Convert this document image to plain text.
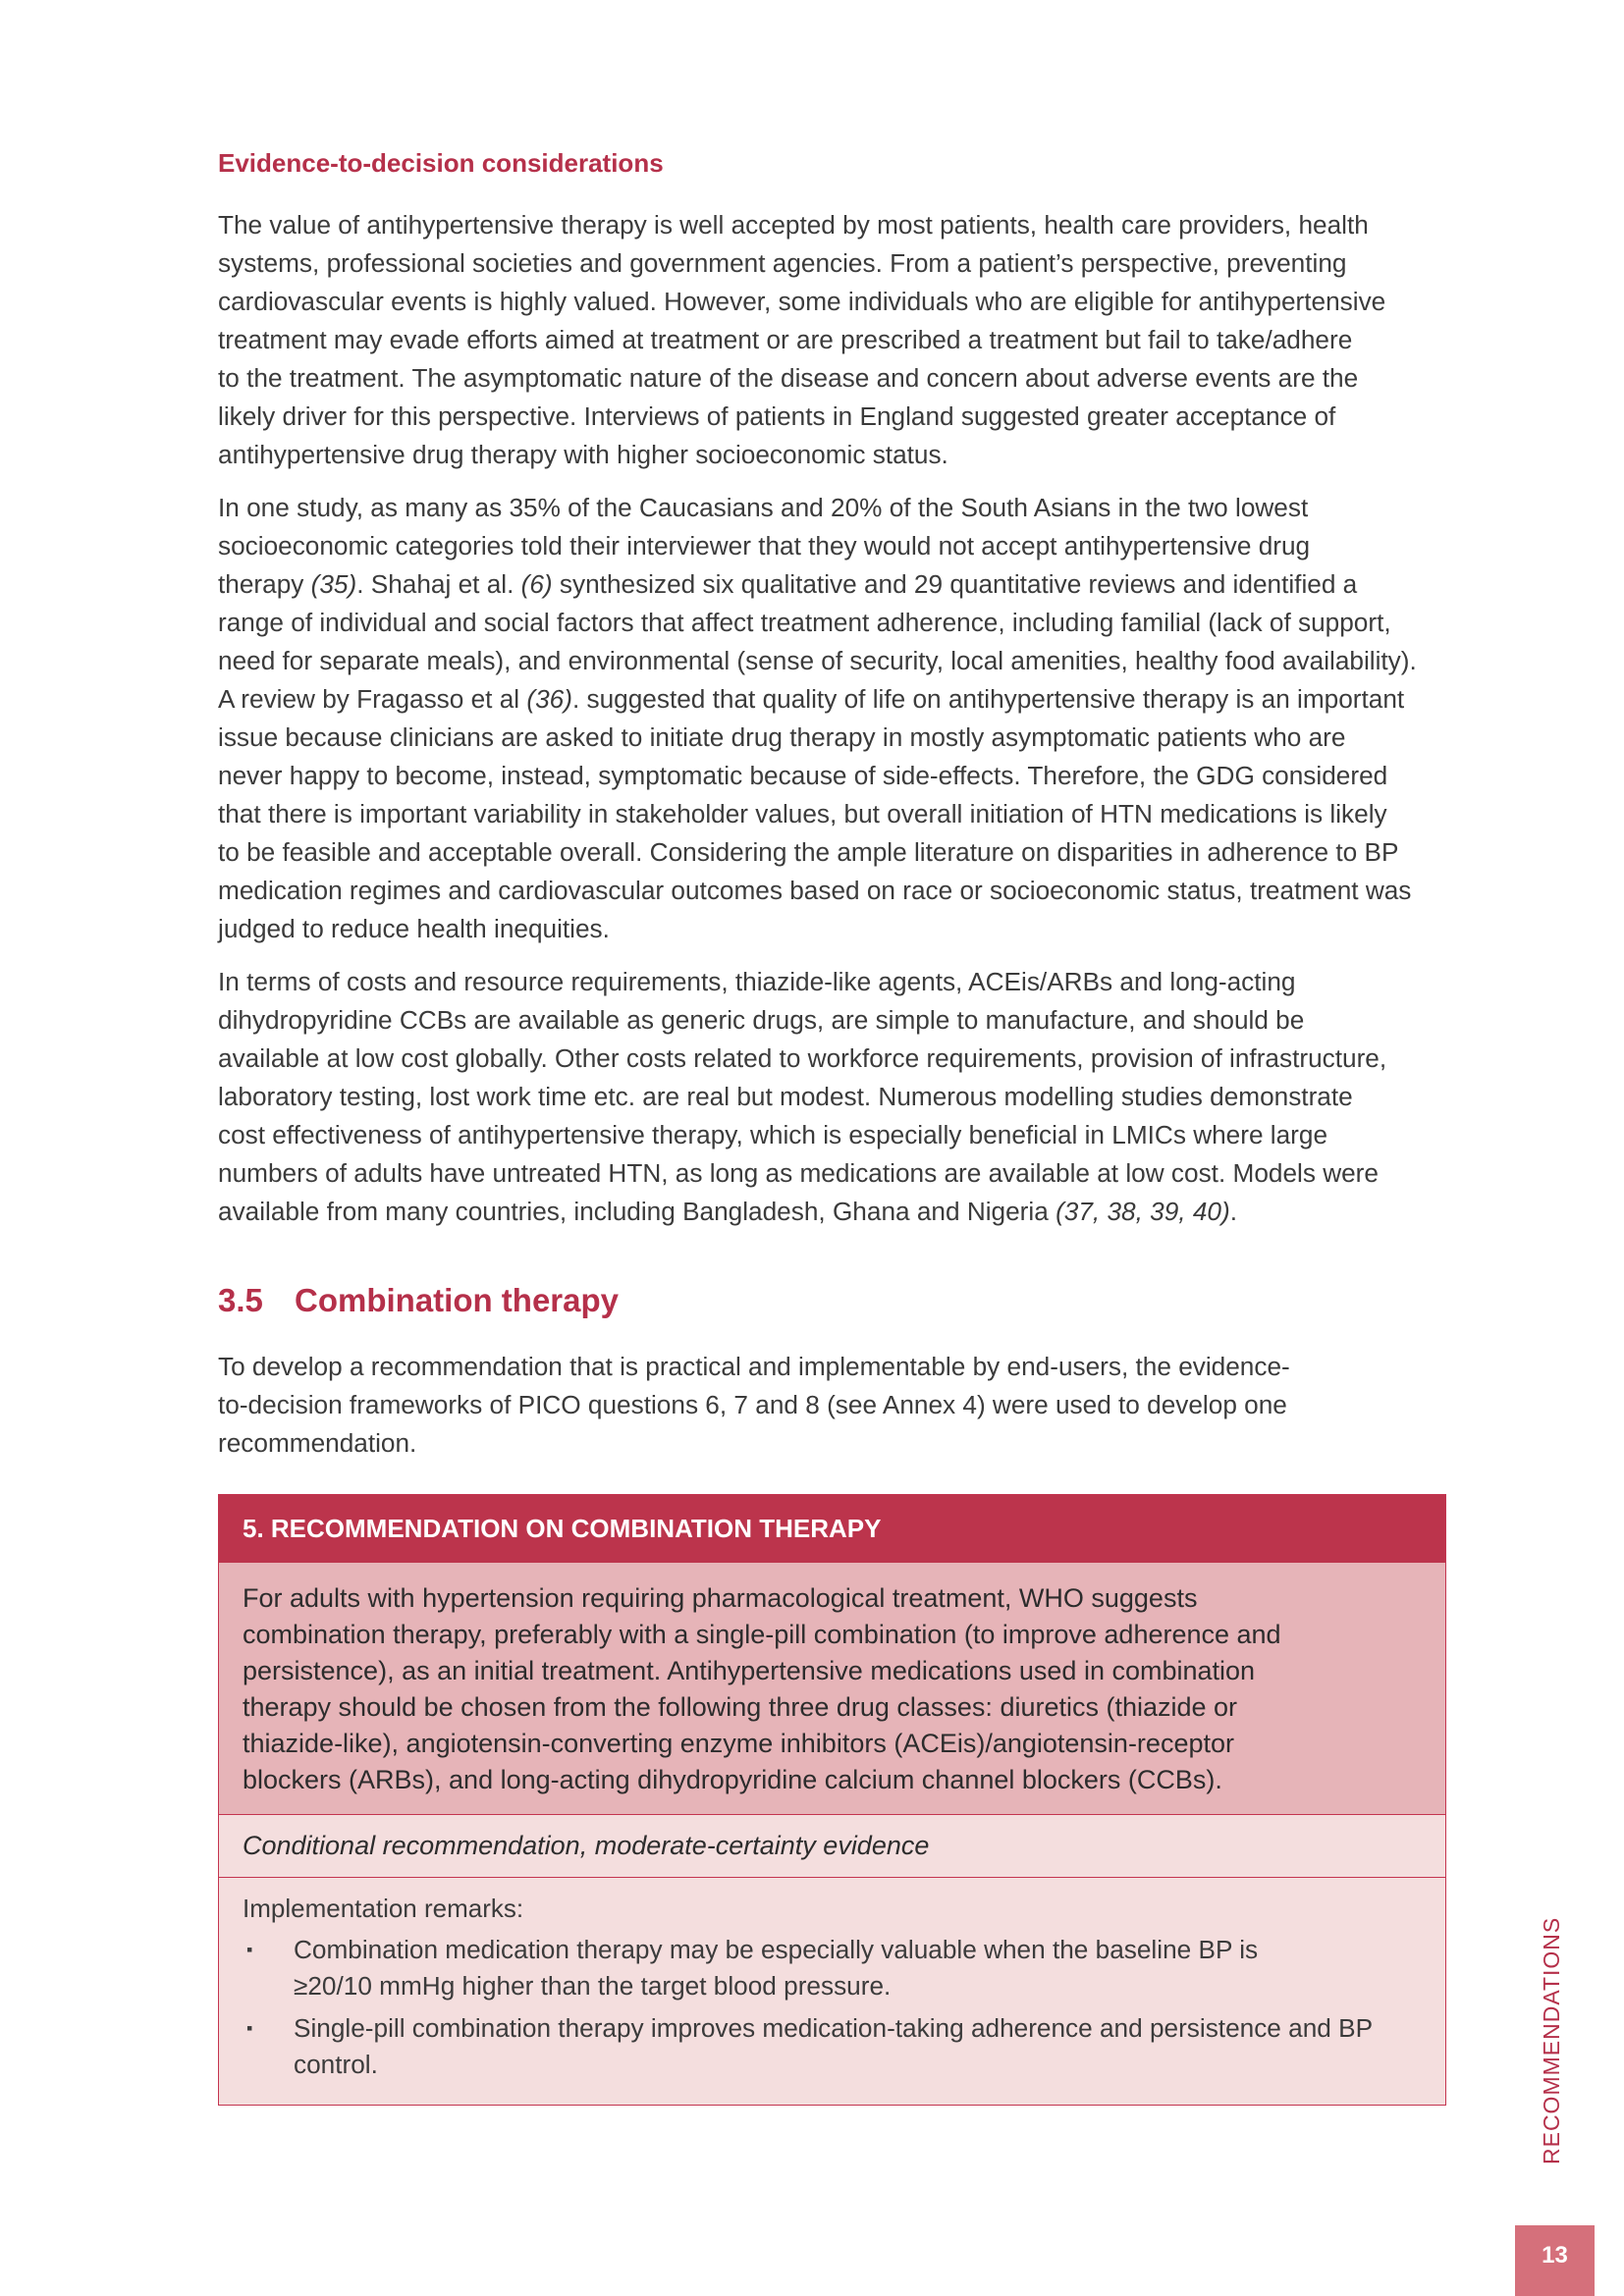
Evidence-to-decision considerations

The value of antihypertensive therapy is well accepted by most patients, health care providers, health
systems, professional societies and government agencies. From a patient’s perspective, preventing
cardiovascular events is highly valued. However, some individuals who are eligible for antihypertensive
treatment may evade efforts aimed at treatment or are prescribed a treatment but fail to take/adhere
to the treatment. The asymptomatic nature of the disease and concern about adverse events are the
likely driver for this perspective. Interviews of patients in England suggested greater acceptance of
antihypertensive drug therapy with higher socioeconomic status.

In one study, as many as 35% of the Caucasians and 20% of the South Asians in the two lowest
socioeconomic categories told their interviewer that they would not accept antihypertensive drug
therapy (35). Shahaj et al. (6) synthesized six qualitative and 29 quantitative reviews and identified a
range of individual and social factors that affect treatment adherence, including familial (lack of support,
need for separate meals), and environmental (sense of security, local amenities, healthy food availability).
A review by Fragasso et al (36). suggested that quality of life on antihypertensive therapy is an important
issue because clinicians are asked to initiate drug therapy in mostly asymptomatic patients who are
never happy to become, instead, symptomatic because of side-effects. Therefore, the GDG considered
that there is important variability in stakeholder values, but overall initiation of HTN medications is likely
to be feasible and acceptable overall. Considering the ample literature on disparities in adherence to BP
medication regimes and cardiovascular outcomes based on race or socioeconomic status, treatment was
judged to reduce health inequities.

In terms of costs and resource requirements, thiazide-like agents, ACEis/ARBs and long-acting
dihydropyridine CCBs are available as generic drugs, are simple to manufacture, and should be
available at low cost globally. Other costs related to workforce requirements, provision of infrastructure,
laboratory testing, lost work time etc. are real but modest. Numerous modelling studies demonstrate
cost effectiveness of antihypertensive therapy, which is especially beneficial in LMICs where large
numbers of adults have untreated HTN, as long as medications are available at low cost. Models were
available from many countries, including Bangladesh, Ghana and Nigeria (37, 38, 39, 40).

3.5 Combination therapy

To develop a recommendation that is practical and implementable by end-users, the evidence-
to-decision frameworks of PICO questions 6, 7 and 8 (see Annex 4) were used to develop one
recommendation.

5. RECOMMENDATION ON COMBINATION THERAPY
For adults with hypertension requiring pharmacological treatment, WHO suggests
combination therapy, preferably with a single-pill combination (to improve adherence and
persistence), as an initial treatment. Antihypertensive medications used in combination
therapy should be chosen from the following three drug classes: diuretics (thiazide or
thiazide-like), angiotensin-converting enzyme inhibitors (ACEis)/angiotensin-receptor
blockers (ARBs), and long-acting dihydropyridine calcium channel blockers (CCBs).
Conditional recommendation, moderate-certainty evidence
Implementation remarks:
▪ Combination medication therapy may be especially valuable when the baseline BP is
≥20/10 mmHg higher than the target blood pressure.
▪ Single-pill combination therapy improves medication-taking adherence and persistence and BP
control.	RECOMMENDATIONS
13
